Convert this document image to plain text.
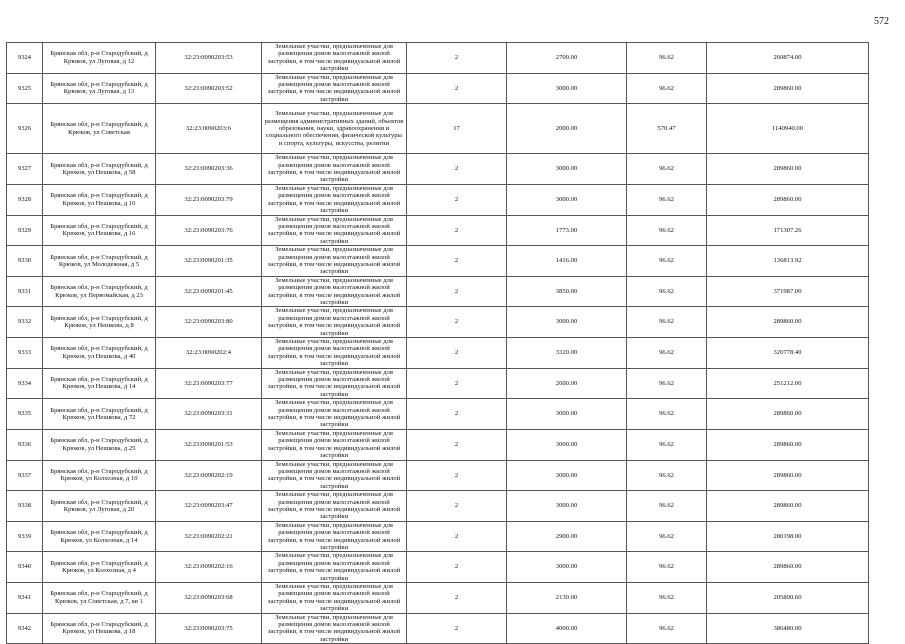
572
9324	Брянская обл, р-н Стародубский, д Крюков, ул Луговая, д 12	32:23:0090203:53	Земельные участки, предназначенные для размещения домов малоэтажной жилой застройки, в том числе индивидуальной жилой застройки	2	2700.00	96.62	260874.00
9325	Брянская обл, р-н Стародубский, д Крюков, ул Луговая, д 13	32:23:0090203:52	Земельные участки, предназначенные для размещения домов малоэтажной жилой застройки, в том числе индивидуальной жилой застройки	2	3000.00	96.62	289860.00
9326	Брянская обл, р-н Стародубский, д Крюков, ул Советская	32:23:0090203:6	Земельные участки, предназначенные для размещения административных зданий, объектов образования, науки, здравоохранения и социального обеспечения, физической культуры и спорта, культуры, искусства, религии	17	2000.00	570.47	1140940.00
9327	Брянская обл, р-н Стародубский, д Крюков, ул Нешкова, д 58	32:23:0090203:36	Земельные участки, предназначенные для размещения домов малоэтажной жилой застройки, в том числе индивидуальной жилой застройки	2	3000.00	96.62	289860.00
9328	Брянская обл, р-н Стародубский, д Крюков, ул Нешкова, д 10	32:23:0090203:79	Земельные участки, предназначенные для размещения домов малоэтажной жилой застройки, в том числе индивидуальной жилой застройки	2	3000.00	96.62	289860.00
9329	Брянская обл, р-н Стародубский, д Крюков, ул Нешкова, д 16	32:23:0090203:76	Земельные участки, предназначенные для размещения домов малоэтажной жилой застройки, в том числе индивидуальной жилой застройки	2	1773.00	96.62	171307.26
9330	Брянская обл, р-н Стародубский, д Крюков, ул Молодежная, д 5	32:23:0090201:35	Земельные участки, предназначенные для размещения домов малоэтажной жилой застройки, в том числе индивидуальной жилой застройки	2	1416.00	96.62	136813.92
9331	Брянская обл, р-н Стародубский, д Крюков, ул Первомайская, д 23	32:23:0090201:45	Земельные участки, предназначенные для размещения домов малоэтажной жилой застройки, в том числе индивидуальной жилой застройки	2	3850.00	96.62	371987.00
9332	Брянская обл, р-н Стародубский, д Крюков, ул Нешкова, д 8	32:23:0090203:80	Земельные участки, предназначенные для размещения домов малоэтажной жилой застройки, в том числе индивидуальной жилой застройки	2	3000.00	96.62	289860.00
9333	Брянская обл, р-н Стародубский, д Крюков, ул Нешкова, д 40	32:23:0090202:4	Земельные участки, предназначенные для размещения домов малоэтажной жилой застройки, в том числе индивидуальной жилой застройки	2	3320.00	96.62	320778.40
9334	Брянская обл, р-н Стародубский, д Крюков, ул Нешкова, д 14	32:23:0090203:77	Земельные участки, предназначенные для размещения домов малоэтажной жилой застройки, в том числе индивидуальной жилой застройки	2	2600.00	96.62	251212.00
9335	Брянская обл, р-н Стародубский, д Крюков, ул Нешкова, д 72	32:23:0090203:31	Земельные участки, предназначенные для размещения домов малоэтажной жилой застройки, в том числе индивидуальной жилой застройки	2	3000.00	96.62	289860.00
9336	Брянская обл, р-н Стародубский, д Крюков, ул Нешкова, д 25	32:23:0090201:53	Земельные участки, предназначенные для размещения домов малоэтажной жилой застройки, в том числе индивидуальной жилой застройки	2	3000.00	96.62	289860.00
9337	Брянская обл, р-н Стародубский, д Крюков, ул Колхозная, д 10	32:23:0090202:19	Земельные участки, предназначенные для размещения домов малоэтажной жилой застройки, в том числе индивидуальной жилой застройки	2	3000.00	96.62	289860.00
9338	Брянская обл, р-н Стародубский, д Крюков, ул Луговая, д 20	32:23:0090203:47	Земельные участки, предназначенные для размещения домов малоэтажной жилой застройки, в том числе индивидуальной жилой застройки	2	3000.00	96.62	289860.00
9339	Брянская обл, р-н Стародубский, д Крюков, ул Колхозная, д 14	32:23:0090202:21	Земельные участки, предназначенные для размещения домов малоэтажной жилой застройки, в том числе индивидуальной жилой застройки	2	2900.00	96.62	280198.00
9340	Брянская обл, р-н Стародубский, д Крюков, ул Колхозная, д 4	32:23:0090202:16	Земельные участки, предназначенные для размещения домов малоэтажной жилой застройки, в том числе индивидуальной жилой застройки	2	3000.00	96.62	289860.00
9341	Брянская обл, р-н Стародубский, д Крюков, ул Советская, д 7, кв 1	32:23:0090203:68	Земельные участки, предназначенные для размещения домов малоэтажной жилой застройки, в том числе индивидуальной жилой застройки	2	2130.00	96.62	205800.60
9342	Брянская обл, р-н Стародубский, д Крюков, ул Нешкова, д 18	32:23:0090203:75	Земельные участки, предназначенные для размещения домов малоэтажной жилой застройки, в том числе индивидуальной жилой застройки	2	4000.00	96.62	386480.00
